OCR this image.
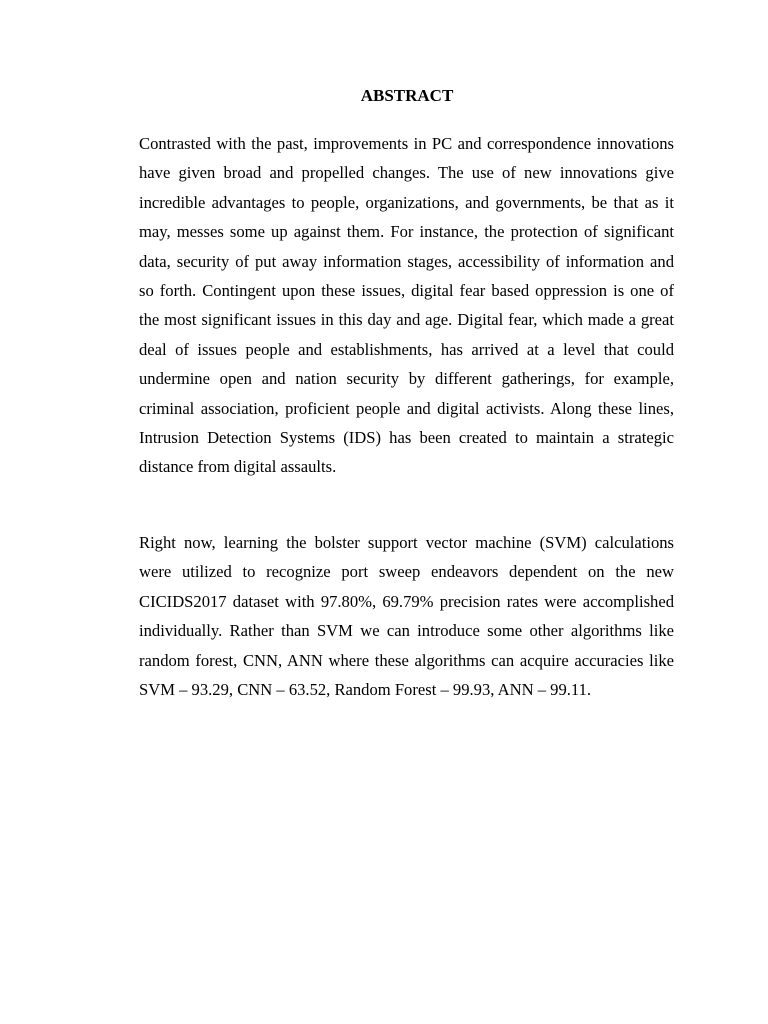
ABSTRACT

Contrasted with the past, improvements in PC and correspondence innovations have given broad and propelled changes. The use of new innovations give incredible advantages to people, organizations, and governments, be that as it may, messes some up against them. For instance, the protection of significant data, security of put away information stages, accessibility of information and so forth. Contingent upon these issues, digital fear based oppression is one of the most significant issues in this day and age. Digital fear, which made a great deal of issues people and establishments, has arrived at a level that could undermine open and nation security by different gatherings, for example, criminal association, proficient people and digital activists. Along these lines, Intrusion Detection Systems (IDS) has been created to maintain a strategic distance from digital assaults.

Right now, learning the bolster support vector machine (SVM) calculations were utilized to recognize port sweep endeavors dependent on the new CICIDS2017 dataset with 97.80%, 69.79% precision rates were accomplished individually. Rather than SVM we can introduce some other algorithms like random forest, CNN, ANN where these algorithms can acquire accuracies like SVM – 93.29, CNN – 63.52, Random Forest – 99.93, ANN – 99.11.
